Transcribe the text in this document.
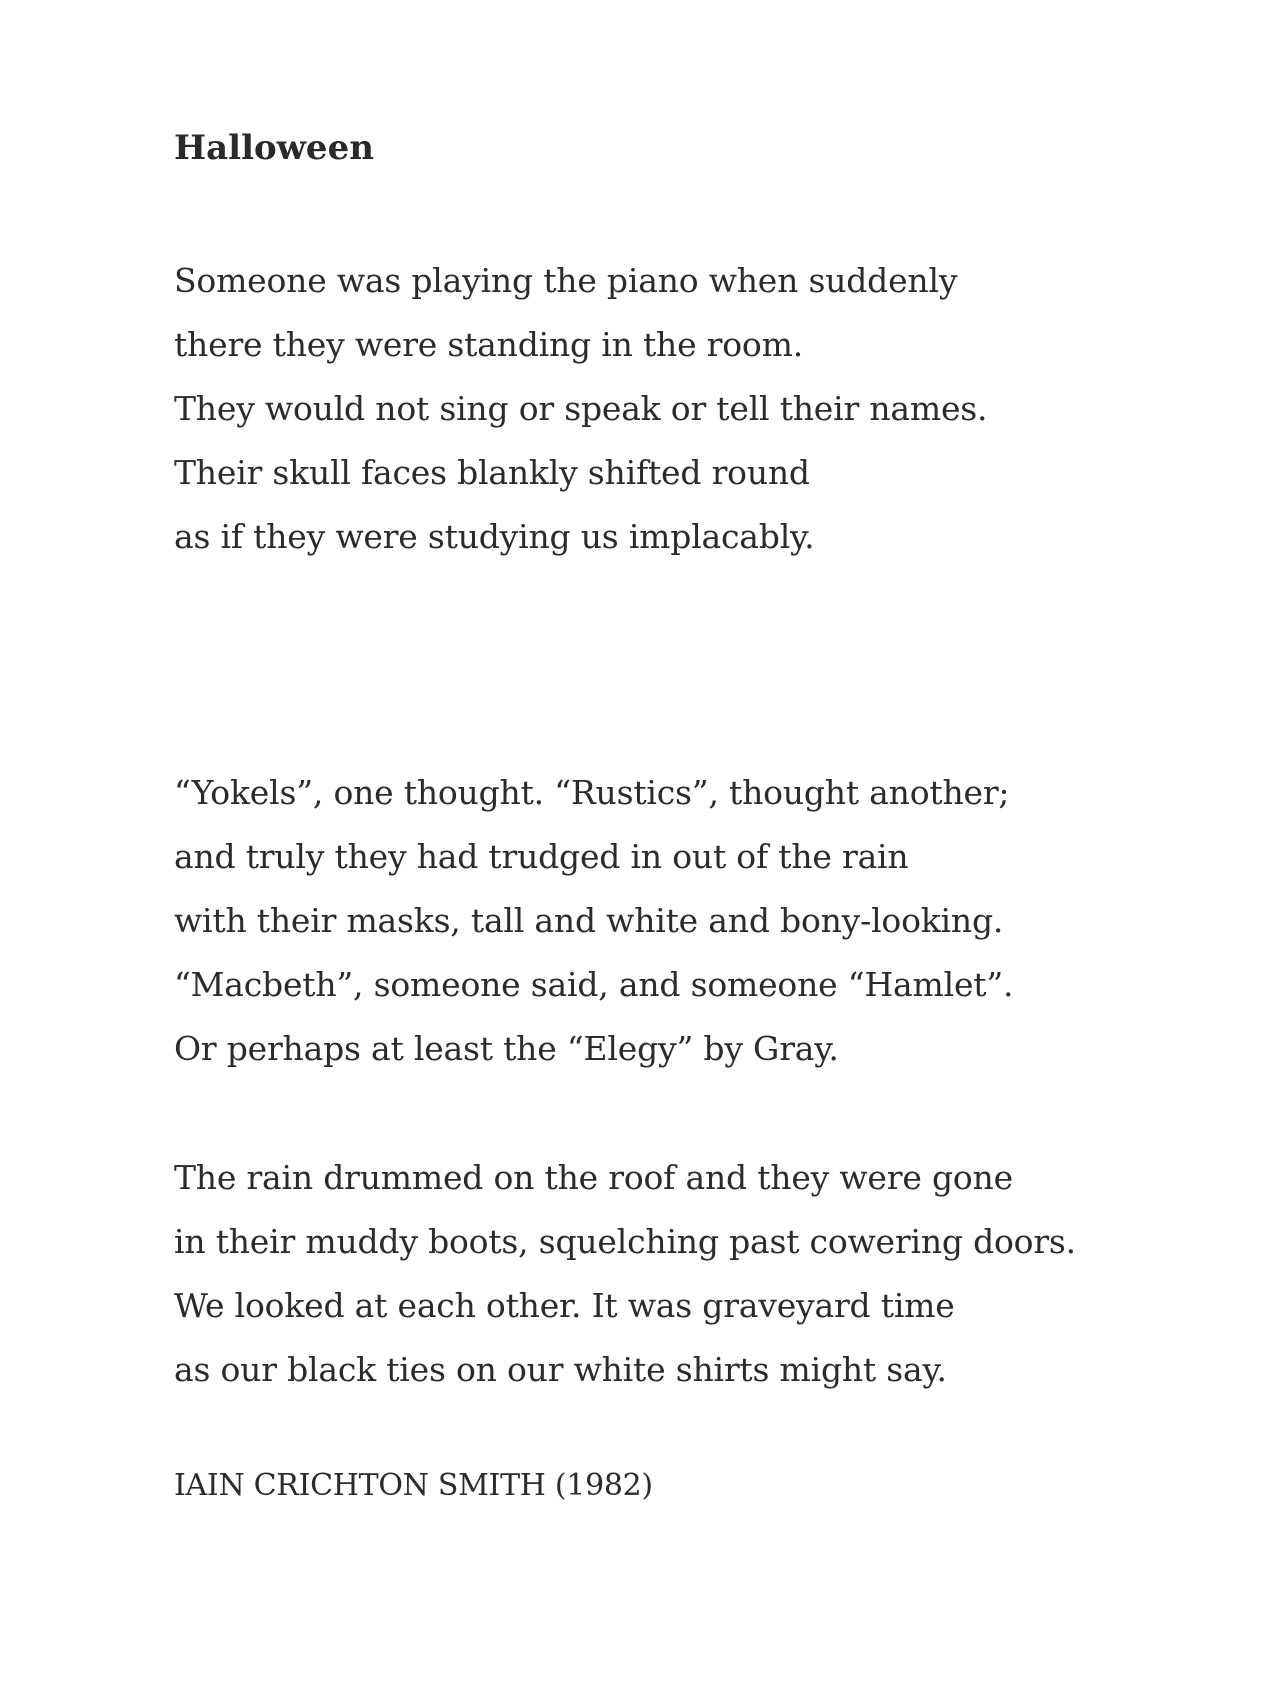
Halloween
Someone was playing the piano when suddenly
there they were standing in the room.
They would not sing or speak or tell their names.
Their skull faces blankly shifted round
as if they were studying us implacably.
“Yokels”, one thought. “Rustics”, thought another;
and truly they had trudged in out of the rain
with their masks, tall and white and bony-looking.
“Macbeth”, someone said, and someone “Hamlet”.
Or perhaps at least the “Elegy” by Gray.
The rain drummed on the roof and they were gone
in their muddy boots, squelching past cowering doors.
We looked at each other. It was graveyard time
as our black ties on our white shirts might say.
IAIN CRICHTON SMITH (1982)
